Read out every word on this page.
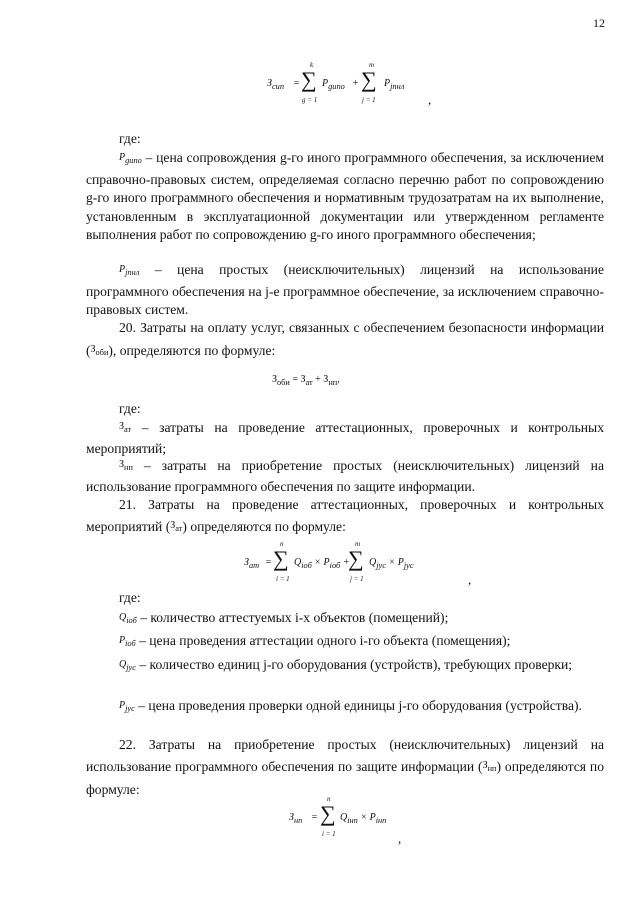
12
$З_{сип}$ =
k
∑
g = 1
$P_{gипо}$ +
m
∑
j = 1
$P_{jпнл}$
,
где:
$P_{gипо}$ – цена сопровождения g-го иного программного обеспечения, за исключением справочно-правовых систем, определяемая согласно перечню работ по сопровождению g-го иного программного обеспечения и нормативным трудозатратам на их выполнение, установленным в эксплуатационной документации или утвержденном регламенте выполнения работ по сопровождению g-го иного программного обеспечения;
$P_{jпнл}$ – цена простых (неисключительных) лицензий на использование программного обеспечения на j-е программное обеспечение, за исключением справочно-правовых систем.
20. Затраты на оплату услуг, связанных с обеспечением безопасности информации ($^{З_{оби}}$), определяются по формуле:
$З_{оби} = З_{ат} + З_{нп}$,
где:
$^{З_{ат}}$ – затраты на проведение аттестационных, проверочных и контрольных мероприятий;
$^{З_{нп}}$ – затраты на приобретение простых (неисключительных) лицензий на использование программного обеспечения по защите информации.
21. Затраты на проведение аттестационных, проверочных и контрольных мероприятий ($^{З_{ат}}$) определяются по формуле:
$З_{ат}$ =
n
∑
i = 1
$Q_{iоб} \times P_{iоб}$ +
m
∑
j = 1
$Q_{jус} \times P_{jус}$
,
где:
$Q_{iоб}$ – количество аттестуемых i-х объектов (помещений);
$P_{iоб}$ – цена проведения аттестации одного i-го объекта (помещения);
$Q_{jус}$ – количество единиц j-го оборудования (устройств), требующих проверки;
$P_{jус}$ – цена проведения проверки одной единицы j-го оборудования (устройства).
22. Затраты на приобретение простых (неисключительных) лицензий на использование программного обеспечения по защите информации ($^{З_{нп}}$) определяются по формуле:
$З_{нп}$ =
n
∑
i = 1
$Q_{iнп} \times P_{iнп}$
,
